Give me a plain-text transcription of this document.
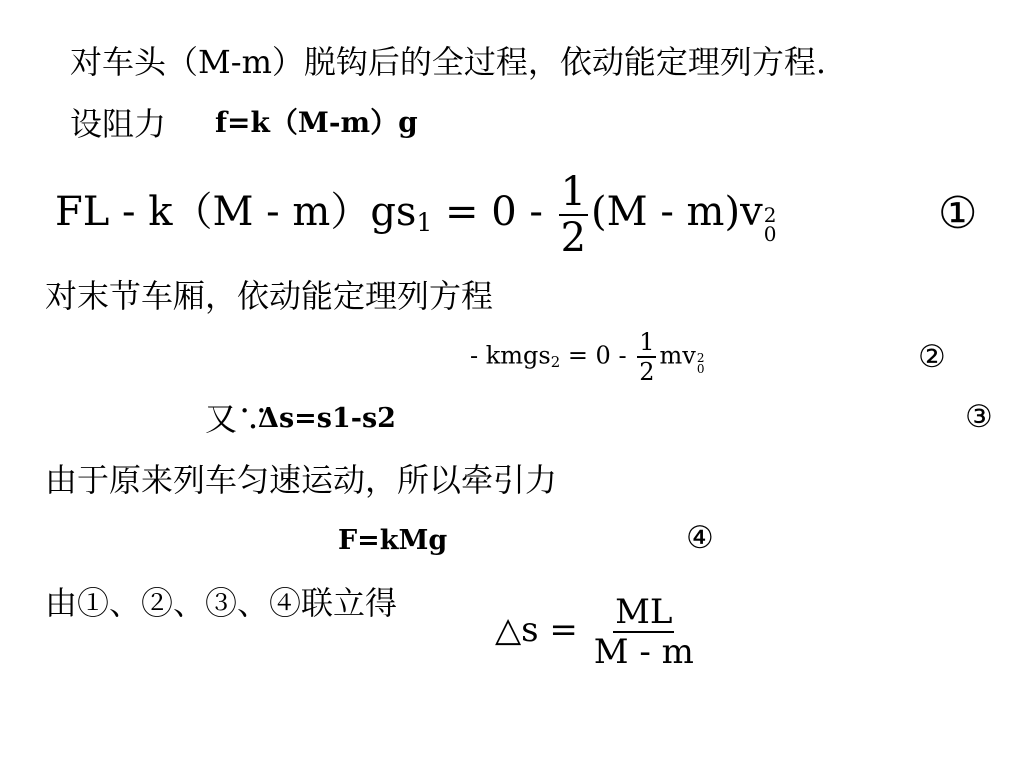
对车头（M-m）脱钩后的全过程，依动能定理列方程.
设阻力 f=k（M-m）g
FL - $k(M - m)gs_1 = 0 - \frac{1}{2} (M - m)v$ 2
0	①
对末节车厢，依动能定理列方程
- kmgs$_2$ = $0 - \frac{1}{2}$ mv 2
0	②
又∵
Δs=s1-s2	③
由于原来列车匀速运动，所以牵引力
F=kMg	④
由①、②、③、④联立得
△s = $\frac{ML}{M - m}$
